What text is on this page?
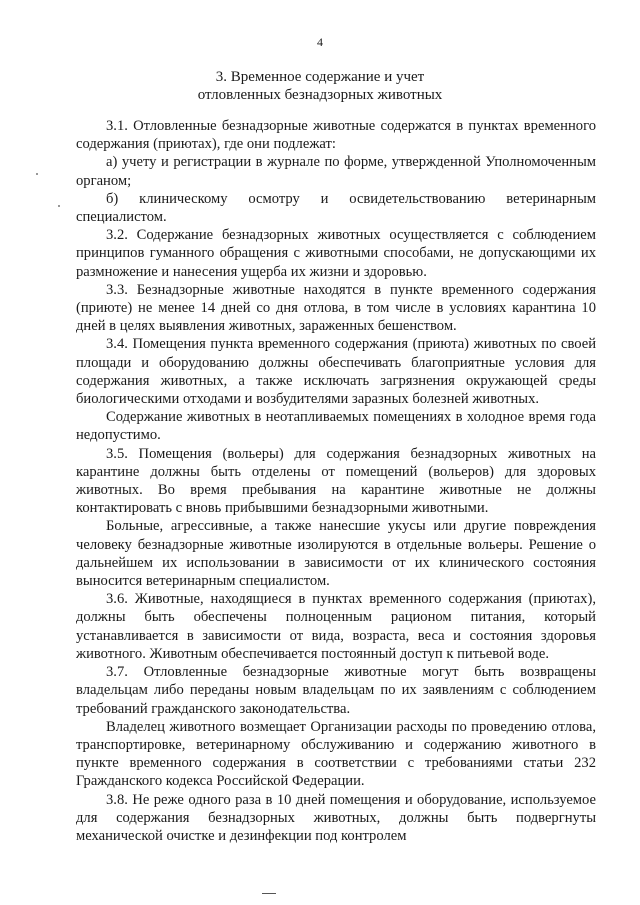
4
3. Временное содержание и учет
отловленных безнадзорных животных

3.1. Отловленные безнадзорные животные содержатся в пунктах временного содержания (приютах), где они подлежат:

а) учету и регистрации в журнале по форме, утвержденной Уполномоченным органом;

б) клиническому осмотру и освидетельствованию ветеринарным специалистом.

3.2. Содержание безнадзорных животных осуществляется с соблюдением принципов гуманного обращения с животными способами, не допускающими их размножение и нанесения ущерба их жизни и здоровью.

3.3. Безнадзорные животные находятся в пункте временного содержания (приюте) не менее 14 дней со дня отлова, в том числе в условиях карантина 10 дней в целях выявления животных, зараженных бешенством.

3.4. Помещения пункта временного содержания (приюта) животных по своей площади и оборудованию должны обеспечивать благоприятные условия для содержания животных, а также исключать загрязнения окружающей среды биологическими отходами и возбудителями заразных болезней животных.

Содержание животных в неотапливаемых помещениях в холодное время года недопустимо.

3.5. Помещения (вольеры) для содержания безнадзорных животных на карантине должны быть отделены от помещений (вольеров) для здоровых животных. Во время пребывания на карантине животные не должны контактировать с вновь прибывшими безнадзорными животными.

Больные, агрессивные, а также нанесшие укусы или другие повреждения человеку безнадзорные животные изолируются в отдельные вольеры. Решение о дальнейшем их использовании в зависимости от их клинического состояния выносится ветеринарным специалистом.

3.6. Животные, находящиеся в пунктах временного содержания (приютах), должны быть обеспечены полноценным рационом питания, который устанавливается в зависимости от вида, возраста, веса и состояния здоровья животного. Животным обеспечивается постоянный доступ к питьевой воде.

3.7. Отловленные безнадзорные животные могут быть возвращены владельцам либо переданы новым владельцам по их заявлениям с соблюдением требований гражданского законодательства.

Владелец животного возмещает Организации расходы по проведению отлова, транспортировке, ветеринарному обслуживанию и содержанию животного в пункте временного содержания в соответствии с требованиями статьи 232 Гражданского кодекса Российской Федерации.

3.8. Не реже одного раза в 10 дней помещения и оборудование, используемое для содержания безнадзорных животных, должны быть подвергнуты механической очистке и дезинфекции под контролем
